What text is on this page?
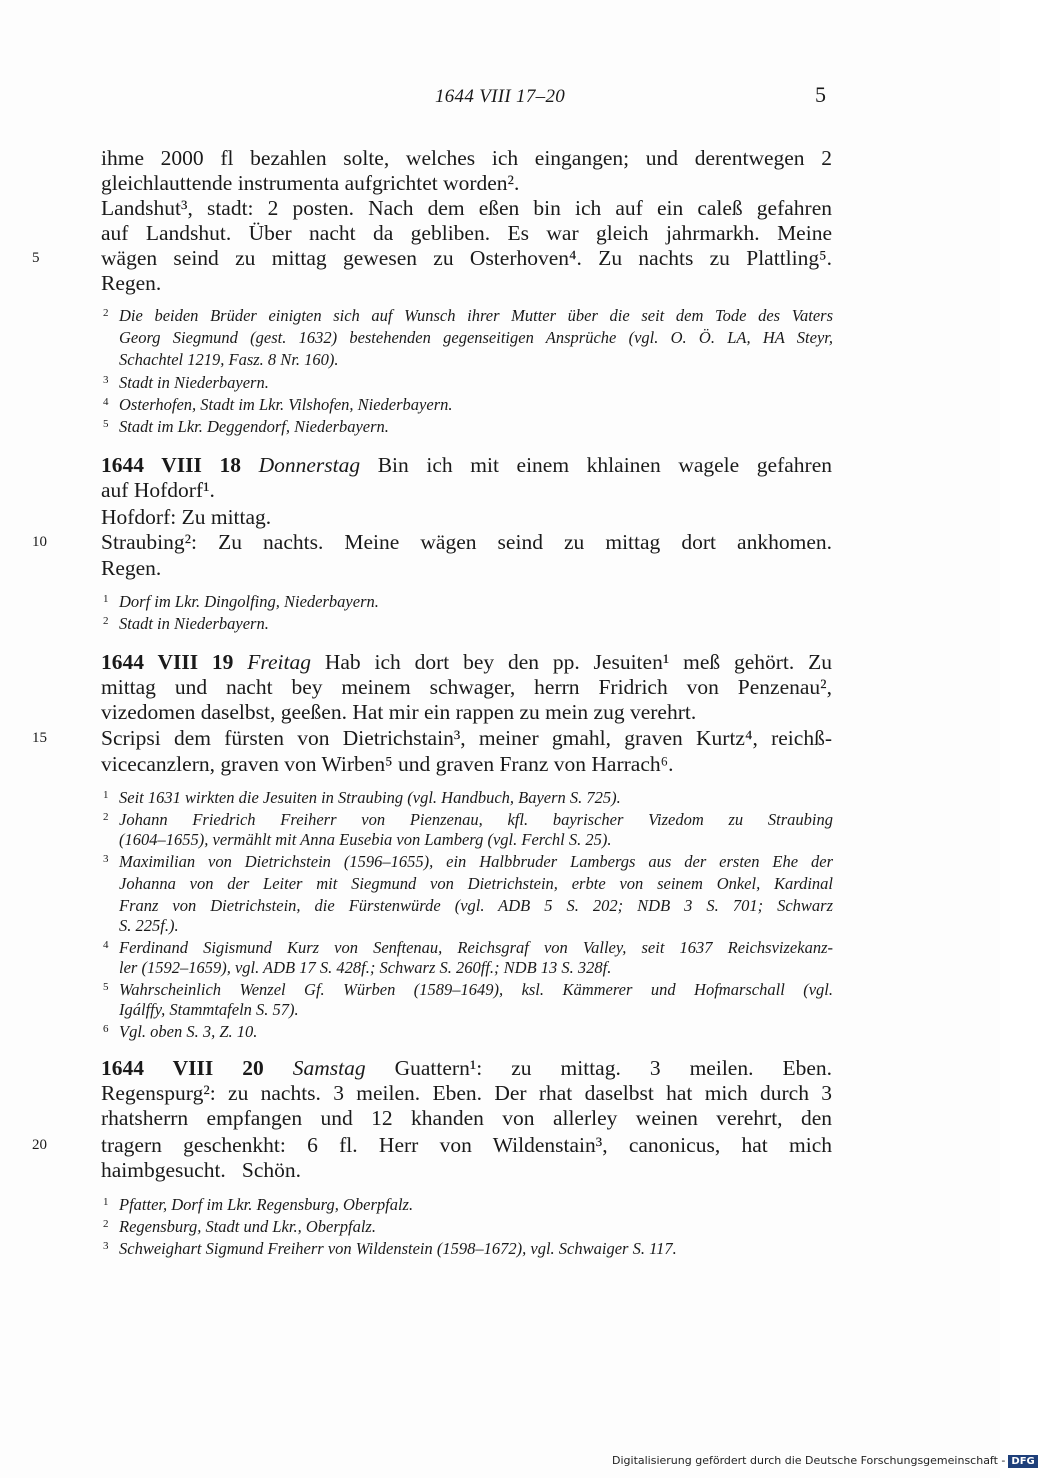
1644 VIII 17–20	5
ihme 2000 fl bezahlen solte, welches ich eingangen; und derentwegen 2
gleichlauttende instrumenta aufgrichtet worden².
Landshut³, stadt: 2 posten. Nach dem eßen bin ich auf ein caleß gefahren
auf Landshut. Über nacht da gebliben. Es war gleich jahrmarkh. Meine
5	wägen seind zu mittag gewesen zu Osterhoven⁴. Zu nachts zu Plattling⁵.
Regen.
2 Die beiden Brüder einigten sich auf Wunsch ihrer Mutter über die seit dem Tode des Vaters
Georg Siegmund (gest. 1632) bestehenden gegenseitigen Ansprüche (vgl. O. Ö. LA, HA Steyr,
Schachtel 1219, Fasz. 8 Nr. 160).
3 Stadt in Niederbayern.
4 Osterhofen, Stadt im Lkr. Vilshofen, Niederbayern.
5 Stadt im Lkr. Deggendorf, Niederbayern.
1644 VIII 18 Donnerstag Bin ich mit einem khlainen wagele gefahren
auf Hofdorf¹.
Hofdorf: Zu mittag.
10	Straubing²: Zu nachts. Meine wägen seind zu mittag dort ankhomen.
Regen.
1 Dorf im Lkr. Dingolfing, Niederbayern.
2 Stadt in Niederbayern.
1644 VIII 19 Freitag Hab ich dort bey den pp. Jesuiten¹ meß gehört. Zu
mittag und nacht bey meinem schwager, herrn Fridrich von Penzenau²,
vizedomen daselbst, geeßen. Hat mir ein rappen zu mein zug verehrt.
15	Scripsi dem fürsten von Dietrichstain³, meiner gmahl, graven Kurtz⁴, reichß-
vicecanzlern, graven von Wirben⁵ und graven Franz von Harrach⁶.
1 Seit 1631 wirkten die Jesuiten in Straubing (vgl. Handbuch, Bayern S. 725).
2 Johann Friedrich Freiherr von Pienzenau, kfl. bayrischer Vizedom zu Straubing
(1604–1655), vermählt mit Anna Eusebia von Lamberg (vgl. Ferchl S. 25).
3 Maximilian von Dietrichstein (1596–1655), ein Halbbruder Lambergs aus der ersten Ehe der
Johanna von der Leiter mit Siegmund von Dietrichstein, erbte von seinem Onkel, Kardinal
Franz von Dietrichstein, die Fürstenwürde (vgl. ADB 5 S. 202; NDB 3 S. 701; Schwarz
S. 225f.).
4 Ferdinand Sigismund Kurz von Senftenau, Reichsgraf von Valley, seit 1637 Reichsvizekanz-
ler (1592–1659), vgl. ADB 17 S. 428f.; Schwarz S. 260ff.; NDB 13 S. 328f.
5 Wahrscheinlich Wenzel Gf. Würben (1589–1649), ksl. Kämmerer und Hofmarschall (vgl.
Igálffy, Stammtafeln S. 57).
6 Vgl. oben S. 3, Z. 10.
1644 VIII 20 Samstag Guattern¹: zu mittag. 3 meilen. Eben.
Regenspurg²: zu nachts. 3 meilen. Eben. Der rhat daselbst hat mich durch 3
rhatsherrn empfangen und 12 khanden von allerley weinen verehrt, den
20	tragern geschenkht: 6 fl. Herr von Wildenstain³, canonicus, hat mich
haimbgesucht.   Schön.
1 Pfatter, Dorf im Lkr. Regensburg, Oberpfalz.
2 Regensburg, Stadt und Lkr., Oberpfalz.
3 Schweighart Sigmund Freiherr von Wildenstein (1598–1672), vgl. Schwaiger S. 117.
Digitalisierung gefördert durch die Deutsche Forschungsgemeinschaft - DFG
